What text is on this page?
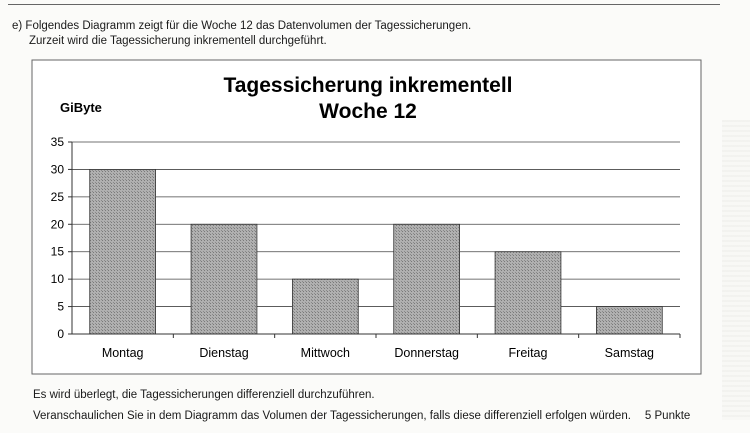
e) Folgendes Diagramm zeigt für die Woche 12 das Datenvolumen der Tagessicherungen.
Zurzeit wird die Tagessicherung inkrementell durchgeführt.
Tagessicherung inkrementell
Woche 12
GiByte
0
5
10
15
20
25
30
35
Montag	Dienstag	Mittwoch	Donnerstag	Freitag	Samstag
Es wird überlegt, die Tagessicherungen differenziell durchzuführen.
Veranschaulichen Sie in dem Diagramm das Volumen der Tagessicherungen, falls diese differenziell erfolgen würden. 5 Punkte
